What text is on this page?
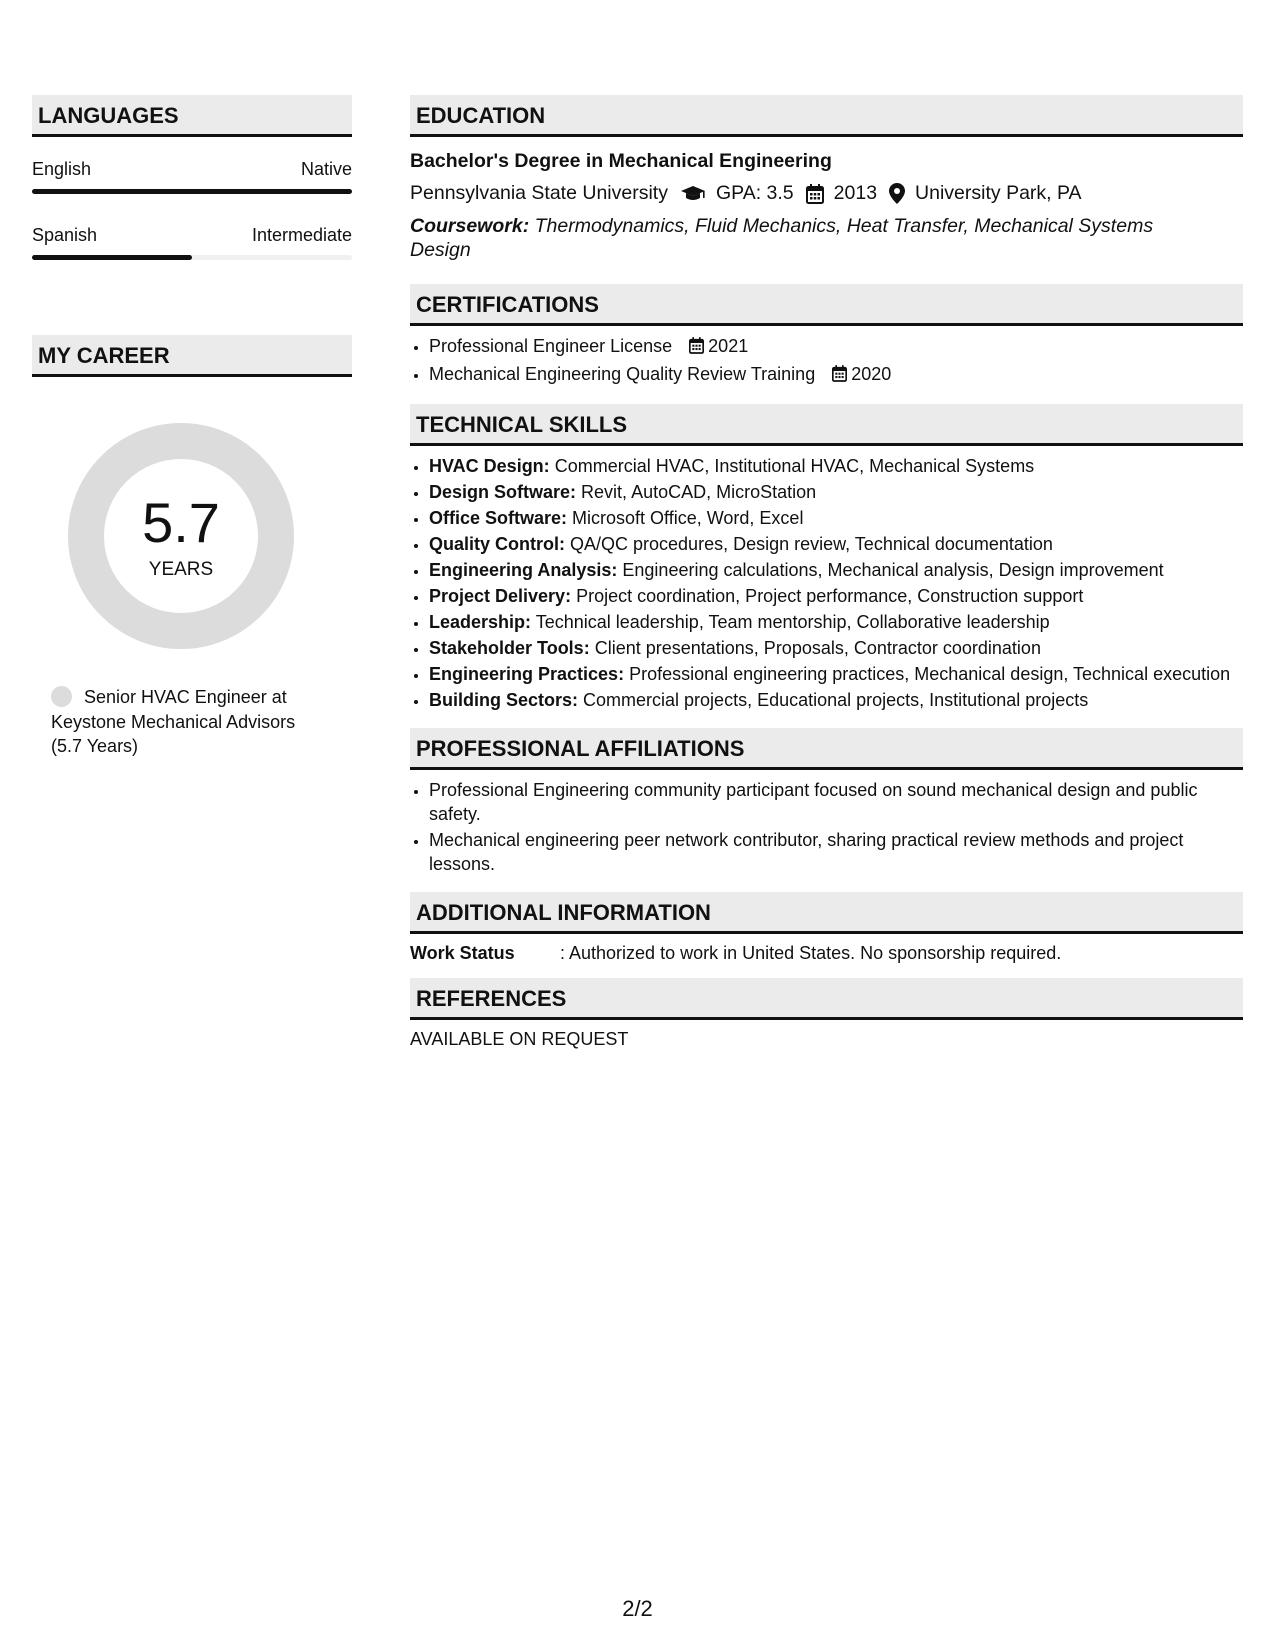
LANGUAGES
English	Native
Spanish	Intermediate
MY CAREER
5.7
YEARS
Senior HVAC Engineer at Keystone Mechanical Advisors (5.7 Years)
EDUCATION
Bachelor's Degree in Mechanical Engineering
Pennsylvania State University GPA: 3.5 2013 University Park, PA
Coursework: Thermodynamics, Fluid Mechanics, Heat Transfer, Mechanical Systems Design
CERTIFICATIONS
• Professional Engineer License 2021
• Mechanical Engineering Quality Review Training 2020
TECHNICAL SKILLS
• HVAC Design: Commercial HVAC, Institutional HVAC, Mechanical Systems
• Design Software: Revit, AutoCAD, MicroStation
• Office Software: Microsoft Office, Word, Excel
• Quality Control: QA/QC procedures, Design review, Technical documentation
• Engineering Analysis: Engineering calculations, Mechanical analysis, Design improvement
• Project Delivery: Project coordination, Project performance, Construction support
• Leadership: Technical leadership, Team mentorship, Collaborative leadership
• Stakeholder Tools: Client presentations, Proposals, Contractor coordination
• Engineering Practices: Professional engineering practices, Mechanical design, Technical execution
• Building Sectors: Commercial projects, Educational projects, Institutional projects
PROFESSIONAL AFFILIATIONS
• Professional Engineering community participant focused on sound mechanical design and public safety.
• Mechanical engineering peer network contributor, sharing practical review methods and project lessons.
ADDITIONAL INFORMATION
Work Status	: Authorized to work in United States. No sponsorship required.
REFERENCES
AVAILABLE ON REQUEST
2/2
